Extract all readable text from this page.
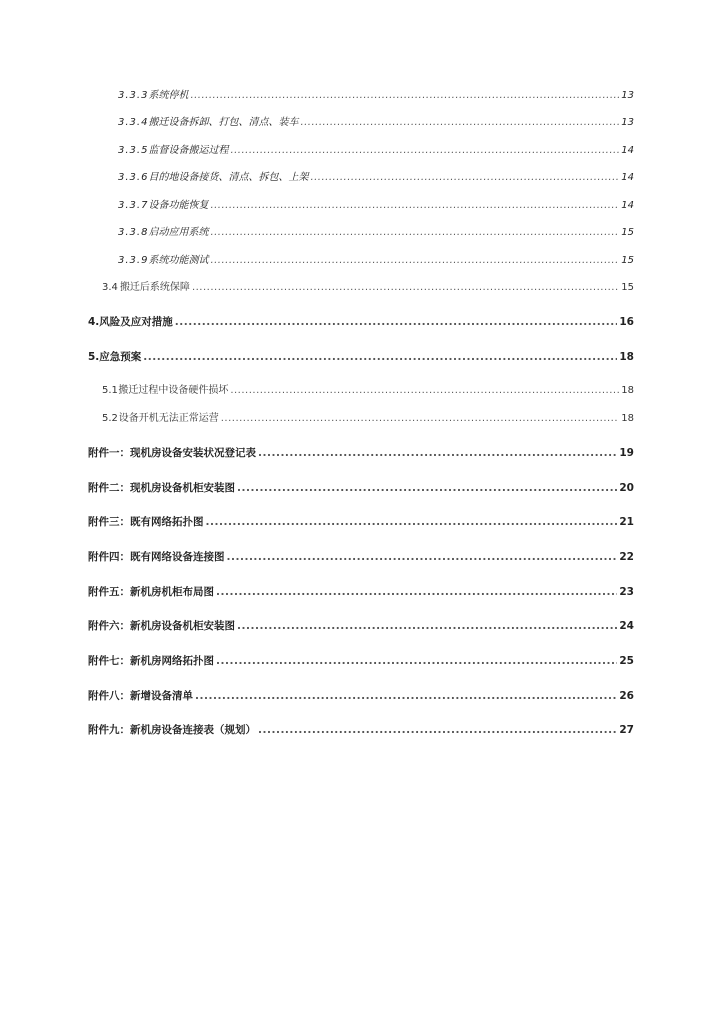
3.3.3 系统停机 .....	13
3.3.4 搬迁设备拆卸、打包、清点、装车 .....	13
3.3.5 监督设备搬运过程 .....	14
3.3.6 目的地设备接货、清点、拆包、上架 .....	14
3.3.7 设备功能恢复 .....	14
3.3.8 启动应用系统 .....	15
3.3.9 系统功能测试 .....	15
3.4 搬迁后系统保障 .....	15
4. 风险及应对措施 .....	16
5. 应急预案 .....	18
5.1 搬迁过程中设备硬件损坏 .....	18
5.2 设备开机无法正常运营 .....	18
附件一：现机房设备安装状况登记表 .....	19
附件二：现机房设备机柜安装图 .....	20
附件三：既有网络拓扑图 .....	21
附件四：既有网络设备连接图 .....	22
附件五：新机房机柜布局图 .....	23
附件六：新机房设备机柜安装图 .....	24
附件七：新机房网络拓扑图 .....	25
附件八：新增设备清单 .....	26
附件九：新机房设备连接表（规划） .....	27
